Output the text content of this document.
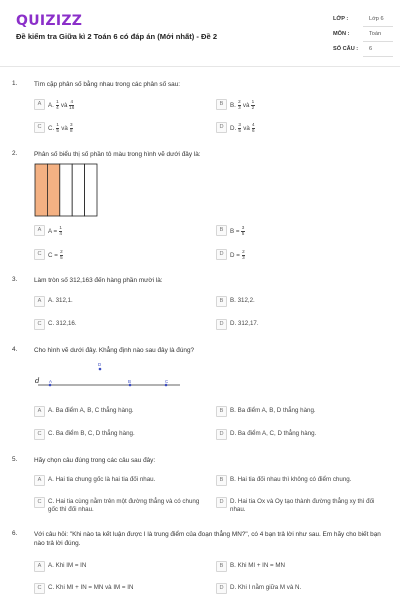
QUIZIZZ
Đề kiểm tra Giữa kì 2 Toán 6 có đáp án (Mới nhất) - Đề 2
LỚP :	Lớp 6
MÔN :	Toán
SỐ CÂU : 6
1.	Tìm cặp phân số bằng nhau trong các phân số sau:
A	A. $\frac{1}{4}$ và $\frac{4}{16}$	B	B. $\frac{2}{3}$ và $\frac{1}{2}$
C	C. $\frac{1}{5}$ và $\frac{3}{8}$	D	D. $\frac{3}{5}$ và $\frac{4}{6}$
2.	Phân số biểu thị số phần tô màu trong hình vẽ dưới đây là:
A	$A = \frac{1}{4}$	B	$B = \frac{3}{5}$
C	$C = \frac{2}{5}$	D	$D = \frac{2}{3}$
3.	Làm tròn số 312,163 đến hàng phần mười là:
A	A. 312,1.	B	B. 312,2.
C	C. 312,16.	D	D. 312,17.
4.	Cho hình vẽ dưới đây. Khẳng định nào sau đây là đúng?
d A	B	C
D
A	A. Ba điểm A, B, C thẳng hàng.	B	B. Ba điểm A, B, D thẳng hàng.
C	C. Ba điểm B, C, D thẳng hàng.	D	D. Ba điểm A, C, D thẳng hàng.
5.	Hãy chọn câu đúng trong các câu sau đây:
A	A. Hai tia chung gốc là hai tia đối nhau.	B	B. Hai tia đối nhau thì không có điểm chung.
C	C. Hai tia cùng nằm trên một đường thẳng và có chung gốc thì đối nhau.
D	D. Hai tia Ox và Oy tạo thành đường thẳng xy thì đối nhau.
6.	Với câu hỏi: "Khi nào ta kết luận được I là trung điểm của đoạn thẳng MN?", có 4 bạn trả lời như sau. Em hãy cho biết bạn nào trả lời đúng.
A	A. Khi IM = IN	B	B. Khi MI + IN = MN
C	C. Khi MI + IN = MN và IM = IN	D	D. Khi I nằm giữa M và N.
